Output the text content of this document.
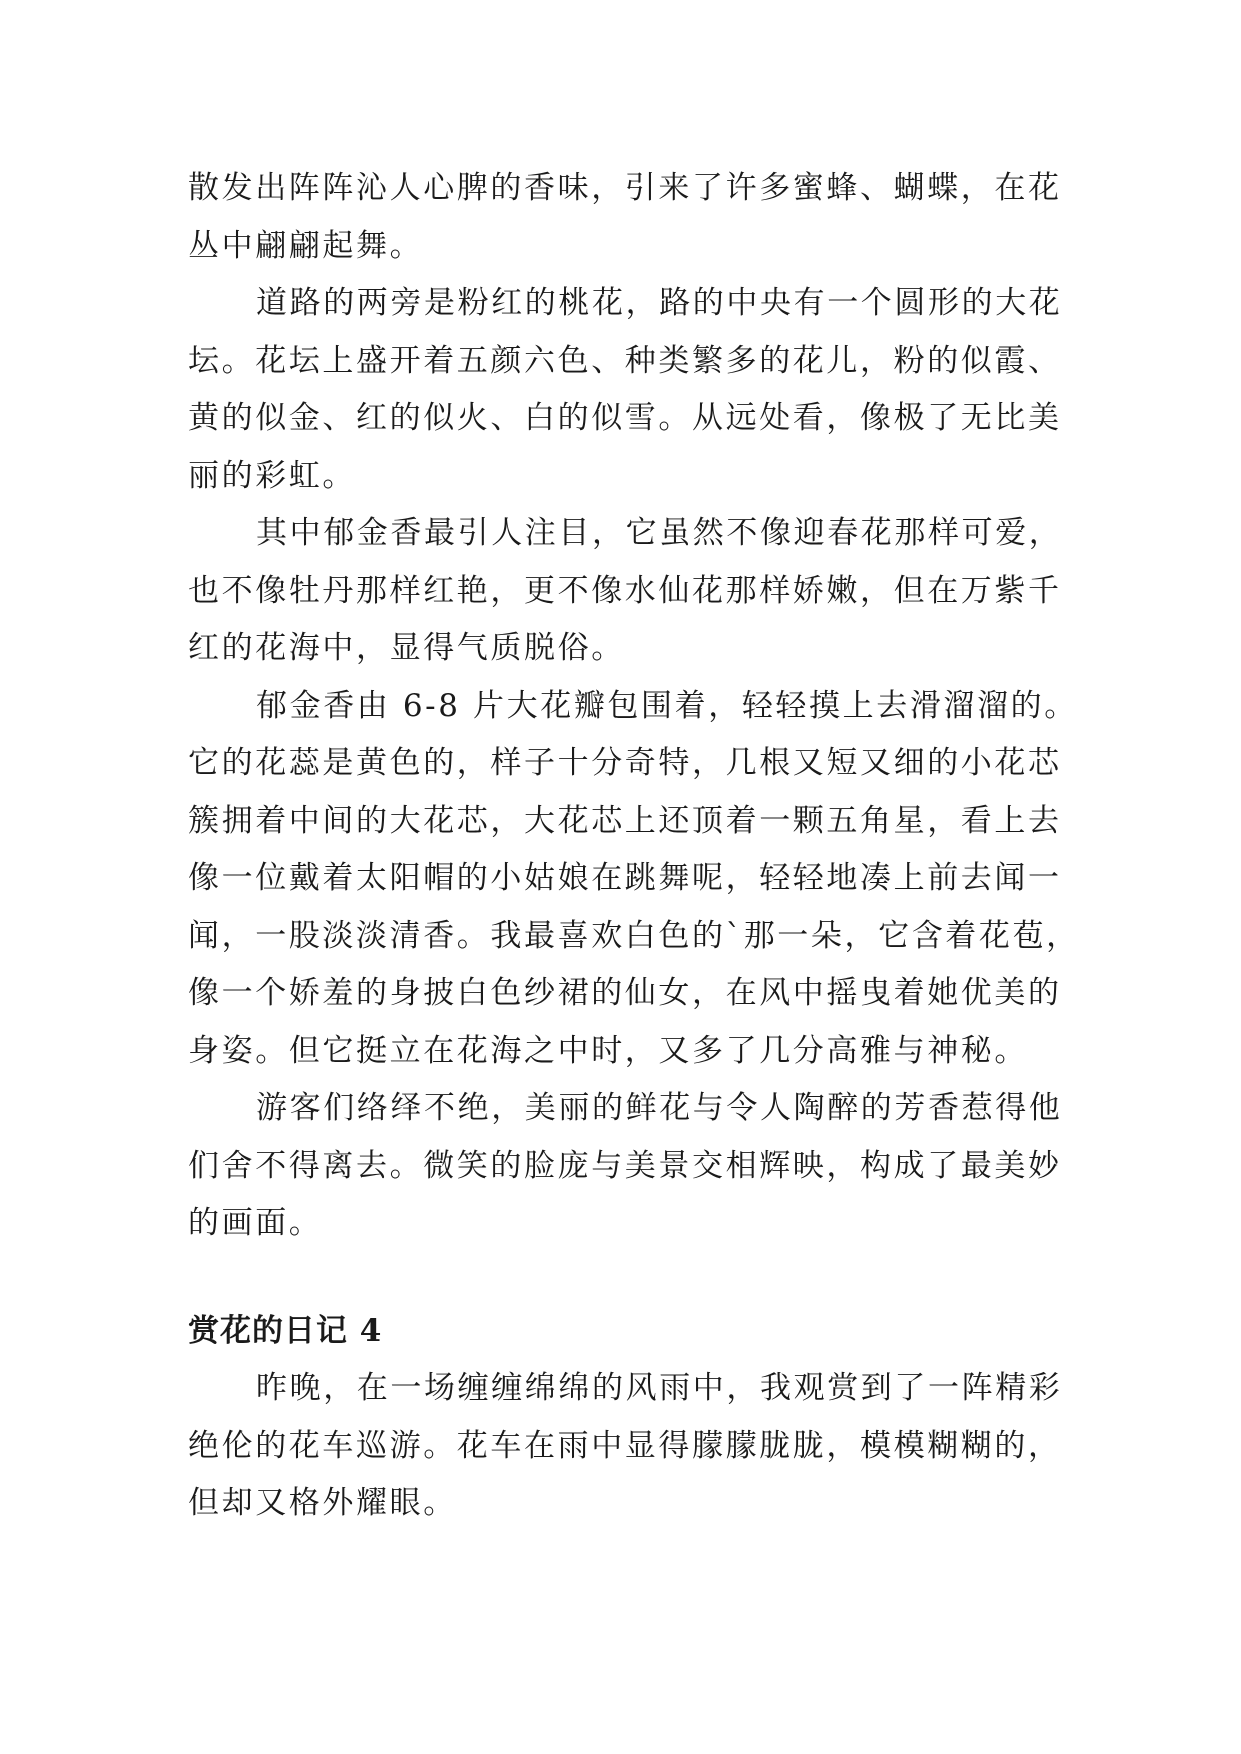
散发出阵阵沁人心脾的香味，引来了许多蜜蜂、蝴蝶，在花

丛中翩翩起舞。

道路的两旁是粉红的桃花，路的中央有一个圆形的大花

坛。花坛上盛开着五颜六色、种类繁多的花儿，粉的似霞、

黄的似金、红的似火、白的似雪。从远处看，像极了无比美

丽的彩虹。

其中郁金香最引人注目，它虽然不像迎春花那样可爱，

也不像牡丹那样红艳，更不像水仙花那样娇嫩，但在万紫千

红的花海中，显得气质脱俗。

郁金香由 6-8 片大花瓣包围着，轻轻摸上去滑溜溜的。

它的花蕊是黄色的，样子十分奇特，几根又短又细的小花芯

簇拥着中间的大花芯，大花芯上还顶着一颗五角星，看上去

像一位戴着太阳帽的小姑娘在跳舞呢，轻轻地凑上前去闻一

闻，一股淡淡清香。我最喜欢白色的`那一朵，它含着花苞，

像一个娇羞的身披白色纱裙的仙女，在风中摇曳着她优美的

身姿。但它挺立在花海之中时，又多了几分高雅与神秘。

游客们络绎不绝，美丽的鲜花与令人陶醉的芳香惹得他

们舍不得离去。微笑的脸庞与美景交相辉映，构成了最美妙

的画面。

赏花的日记 4

昨晚，在一场缠缠绵绵的风雨中，我观赏到了一阵精彩

绝伦的花车巡游。花车在雨中显得朦朦胧胧，模模糊糊的，

但却又格外耀眼。
